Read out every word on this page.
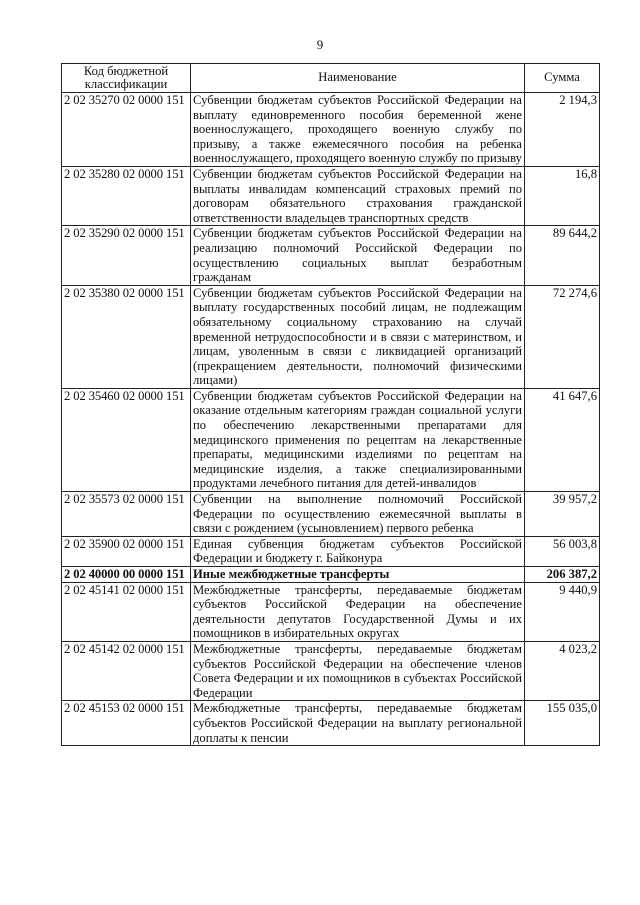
9
Код бюджетной классификации	Наименование	Сумма
2 02 35270 02 0000 151	Субвенции бюджетам субъектов Российской Федерации на выплату единовременного пособия беременной жене военнослужащего, проходящего военную службу по призыву, а также ежемесячного пособия на ребенка военнослужащего, проходящего военную службу по призыву	2 194,3
2 02 35280 02 0000 151	Субвенции бюджетам субъектов Российской Федерации на выплаты инвалидам компенсаций страховых премий по договорам обязательного страхования гражданской ответственности владельцев транспортных средств	16,8
2 02 35290 02 0000 151	Субвенции бюджетам субъектов Российской Федерации на реализацию полномочий Российской Федерации по осуществлению социальных выплат безработным гражданам	89 644,2
2 02 35380 02 0000 151	Субвенции бюджетам субъектов Российской Федерации на выплату государственных пособий лицам, не подлежащим обязательному социальному страхованию на случай временной нетрудоспособности и в связи с материнством, и лицам, уволенным в связи с ликвидацией организаций (прекращением деятельности, полномочий физическими лицами)	72 274,6
2 02 35460 02 0000 151	Субвенции бюджетам субъектов Российской Федерации на оказание отдельным категориям граждан социальной услуги по обеспечению лекарственными препаратами для медицинского применения по рецептам на лекарственные препараты, медицинскими изделиями по рецептам на медицинские изделия, а также специализированными продуктами лечебного питания для детей-инвалидов	41 647,6
2 02 35573 02 0000 151	Субвенции на выполнение полномочий Российской Федерации по осуществлению ежемесячной выплаты в связи с рождением (усыновлением) первого ребенка	39 957,2
2 02 35900 02 0000 151	Единая субвенция бюджетам субъектов Российской Федерации и бюджету г. Байконура	56 003,8
2 02 40000 00 0000 151	Иные межбюджетные трансферты	206 387,2
2 02 45141 02 0000 151	Межбюджетные трансферты, передаваемые бюджетам субъектов Российской Федерации на обеспечение деятельности депутатов Государственной Думы и их помощников в избирательных округах	9 440,9
2 02 45142 02 0000 151	Межбюджетные трансферты, передаваемые бюджетам субъектов Российской Федерации на обеспечение членов Совета Федерации и их помощников в субъектах Российской Федерации	4 023,2
2 02 45153 02 0000 151	Межбюджетные трансферты, передаваемые бюджетам субъектов Российской Федерации на выплату региональной доплаты к пенсии	155 035,0
